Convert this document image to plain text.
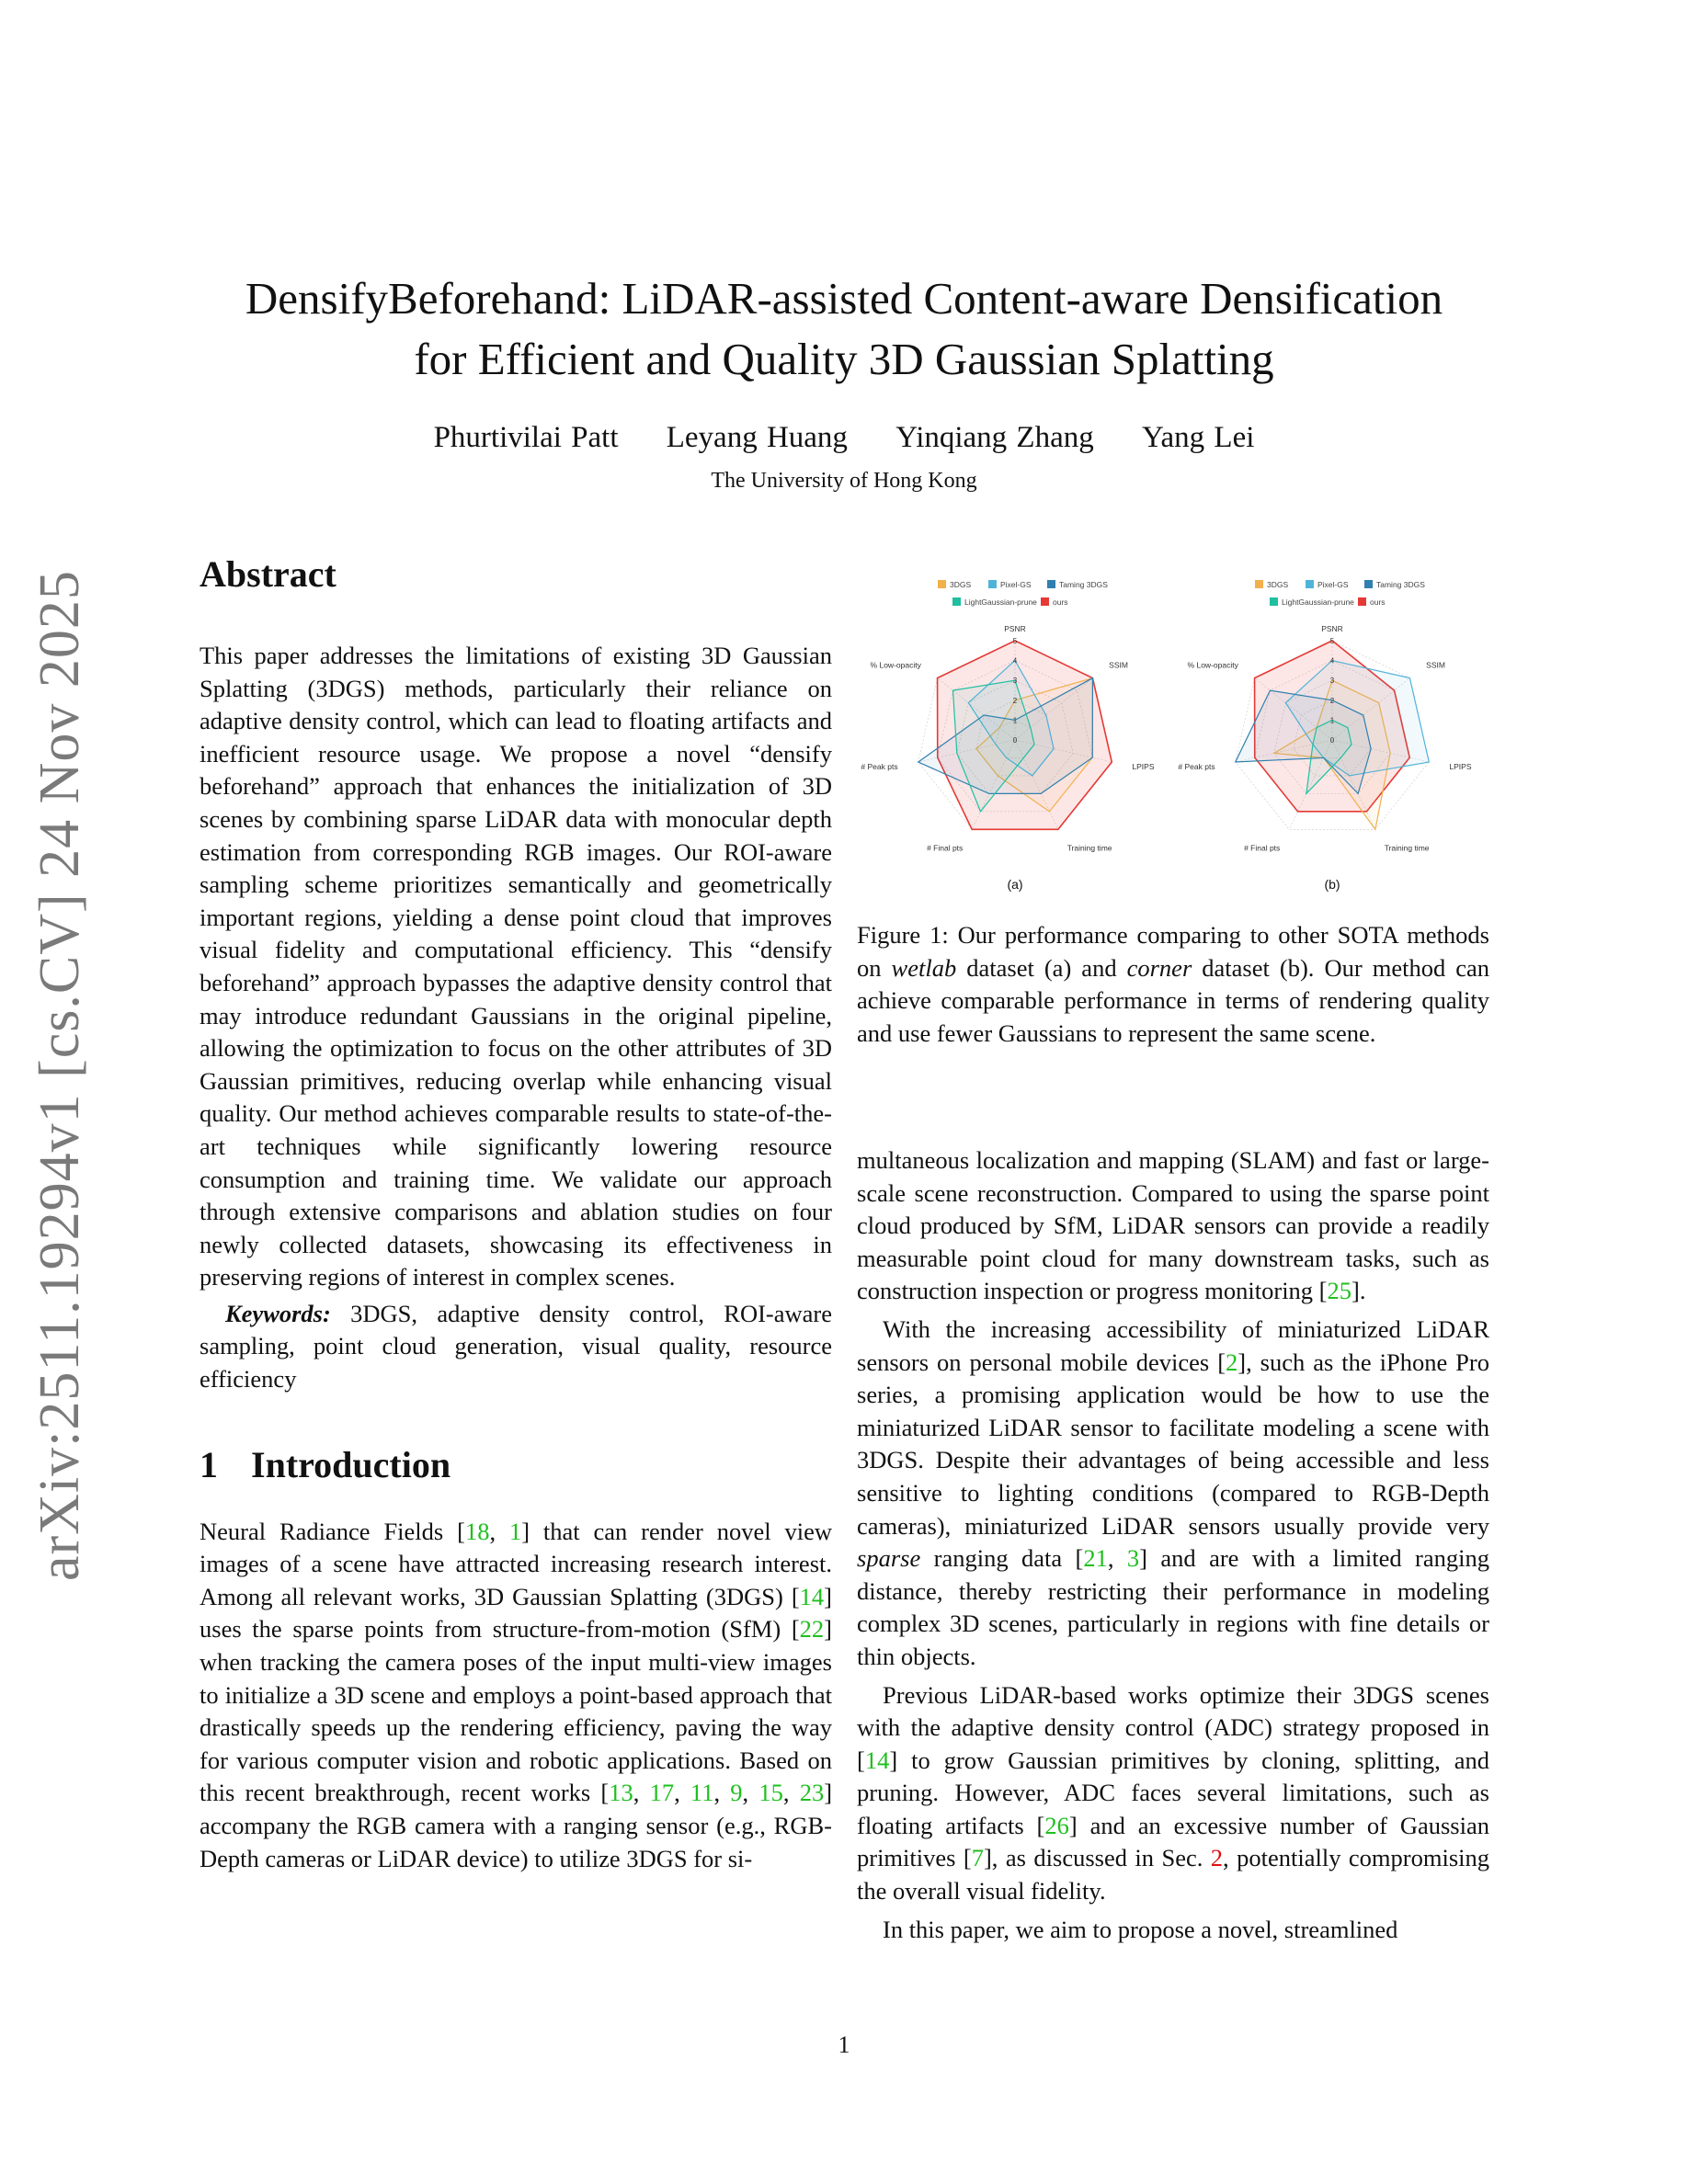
arXiv:2511.19294v1 [cs.CV] 24 Nov 2025
DensifyBeforehand: LiDAR-assisted Content-aware Densification
for Efficient and Quality 3D Gaussian Splatting
Phurtivilai Patt Leyang Huang Yinqiang Zhang Yang Lei
The University of Hong Kong
Abstract

This paper addresses the limitations of existing 3D Gaussian Splatting (3DGS) methods, particularly their reliance on adaptive density control, which can lead to floating artifacts and inefficient resource usage. We propose a novel “densify beforehand” approach that enhances the initialization of 3D scenes by combining sparse LiDAR data with monocular depth estimation from corresponding RGB images. Our ROI-aware sampling scheme prioritizes semantically and geometrically important regions, yielding a dense point cloud that improves visual fidelity and computational efficiency. This “densify beforehand” approach bypasses the adaptive density control that may introduce redundant Gaussians in the original pipeline, allowing the optimization to focus on the other attributes of 3D Gaussian primitives, reducing overlap while enhancing visual quality. Our method achieves comparable results to state-of-the-art techniques while significantly lowering resource consumption and training time. We validate our approach through extensive comparisons and ablation studies on four newly collected datasets, showcasing its effectiveness in preserving regions of interest in complex scenes.

Keywords: 3DGS, adaptive density control, ROI-aware sampling, point cloud generation, visual quality, resource efficiency

1 Introduction

Neural Radiance Fields [18, 1] that can render novel view images of a scene have attracted increasing research interest. Among all relevant works, 3D Gaussian Splatting (3DGS) [14] uses the sparse points from structure-from-motion (SfM) [22] when tracking the camera poses of the input multi-view images to initialize a 3D scene and employs a point-based approach that drastically speeds up the rendering efficiency, paving the way for various computer vision and robotic applications. Based on this recent breakthrough, recent works [13, 17, 11, 9, 15, 23] accompany the RGB camera with a ranging sensor (e.g., RGB-Depth cameras or LiDAR device) to utilize 3DGS for si-

3DGS	Pixel-GS	Taming 3DGS
LightGaussian-prune ours
0
1
2
3
4
5
PSNR
SSIM
LPIPS
Training time
# Final pts
# Peak pts
% Low-opacity
(a)
3DGS	Pixel-GS	Taming 3DGS
LightGaussian-prune ours
0
1
2
3
4
5
PSNR
SSIM
LPIPS
Training time
# Final pts
# Peak pts
% Low-opacity
(b)
Figure 1: Our performance comparing to other SOTA methods on wetlab dataset (a) and corner dataset (b). Our method can achieve comparable performance in terms of rendering quality and use fewer Gaussians to represent the same scene.

multaneous localization and mapping (SLAM) and fast or large-scale scene reconstruction. Compared to using the sparse point cloud produced by SfM, LiDAR sensors can provide a readily measurable point cloud for many downstream tasks, such as construction inspection or progress monitoring [25].

With the increasing accessibility of miniaturized LiDAR sensors on personal mobile devices [2], such as the iPhone Pro series, a promising application would be how to use the miniaturized LiDAR sensor to facilitate modeling a scene with 3DGS. Despite their advantages of being accessible and less sensitive to lighting conditions (compared to RGB-Depth cameras), miniaturized LiDAR sensors usually provide very sparse ranging data [21, 3] and are with a limited ranging distance, thereby restricting their performance in modeling complex 3D scenes, particularly in regions with fine details or thin objects.

Previous LiDAR-based works optimize their 3DGS scenes with the adaptive density control (ADC) strategy proposed in [14] to grow Gaussian primitives by cloning, splitting, and pruning. However, ADC faces several limitations, such as floating artifacts [26] and an excessive number of Gaussian primitives [7], as discussed in Sec. 2, potentially compromising the overall visual fidelity.

In this paper, we aim to propose a novel, streamlined

1
